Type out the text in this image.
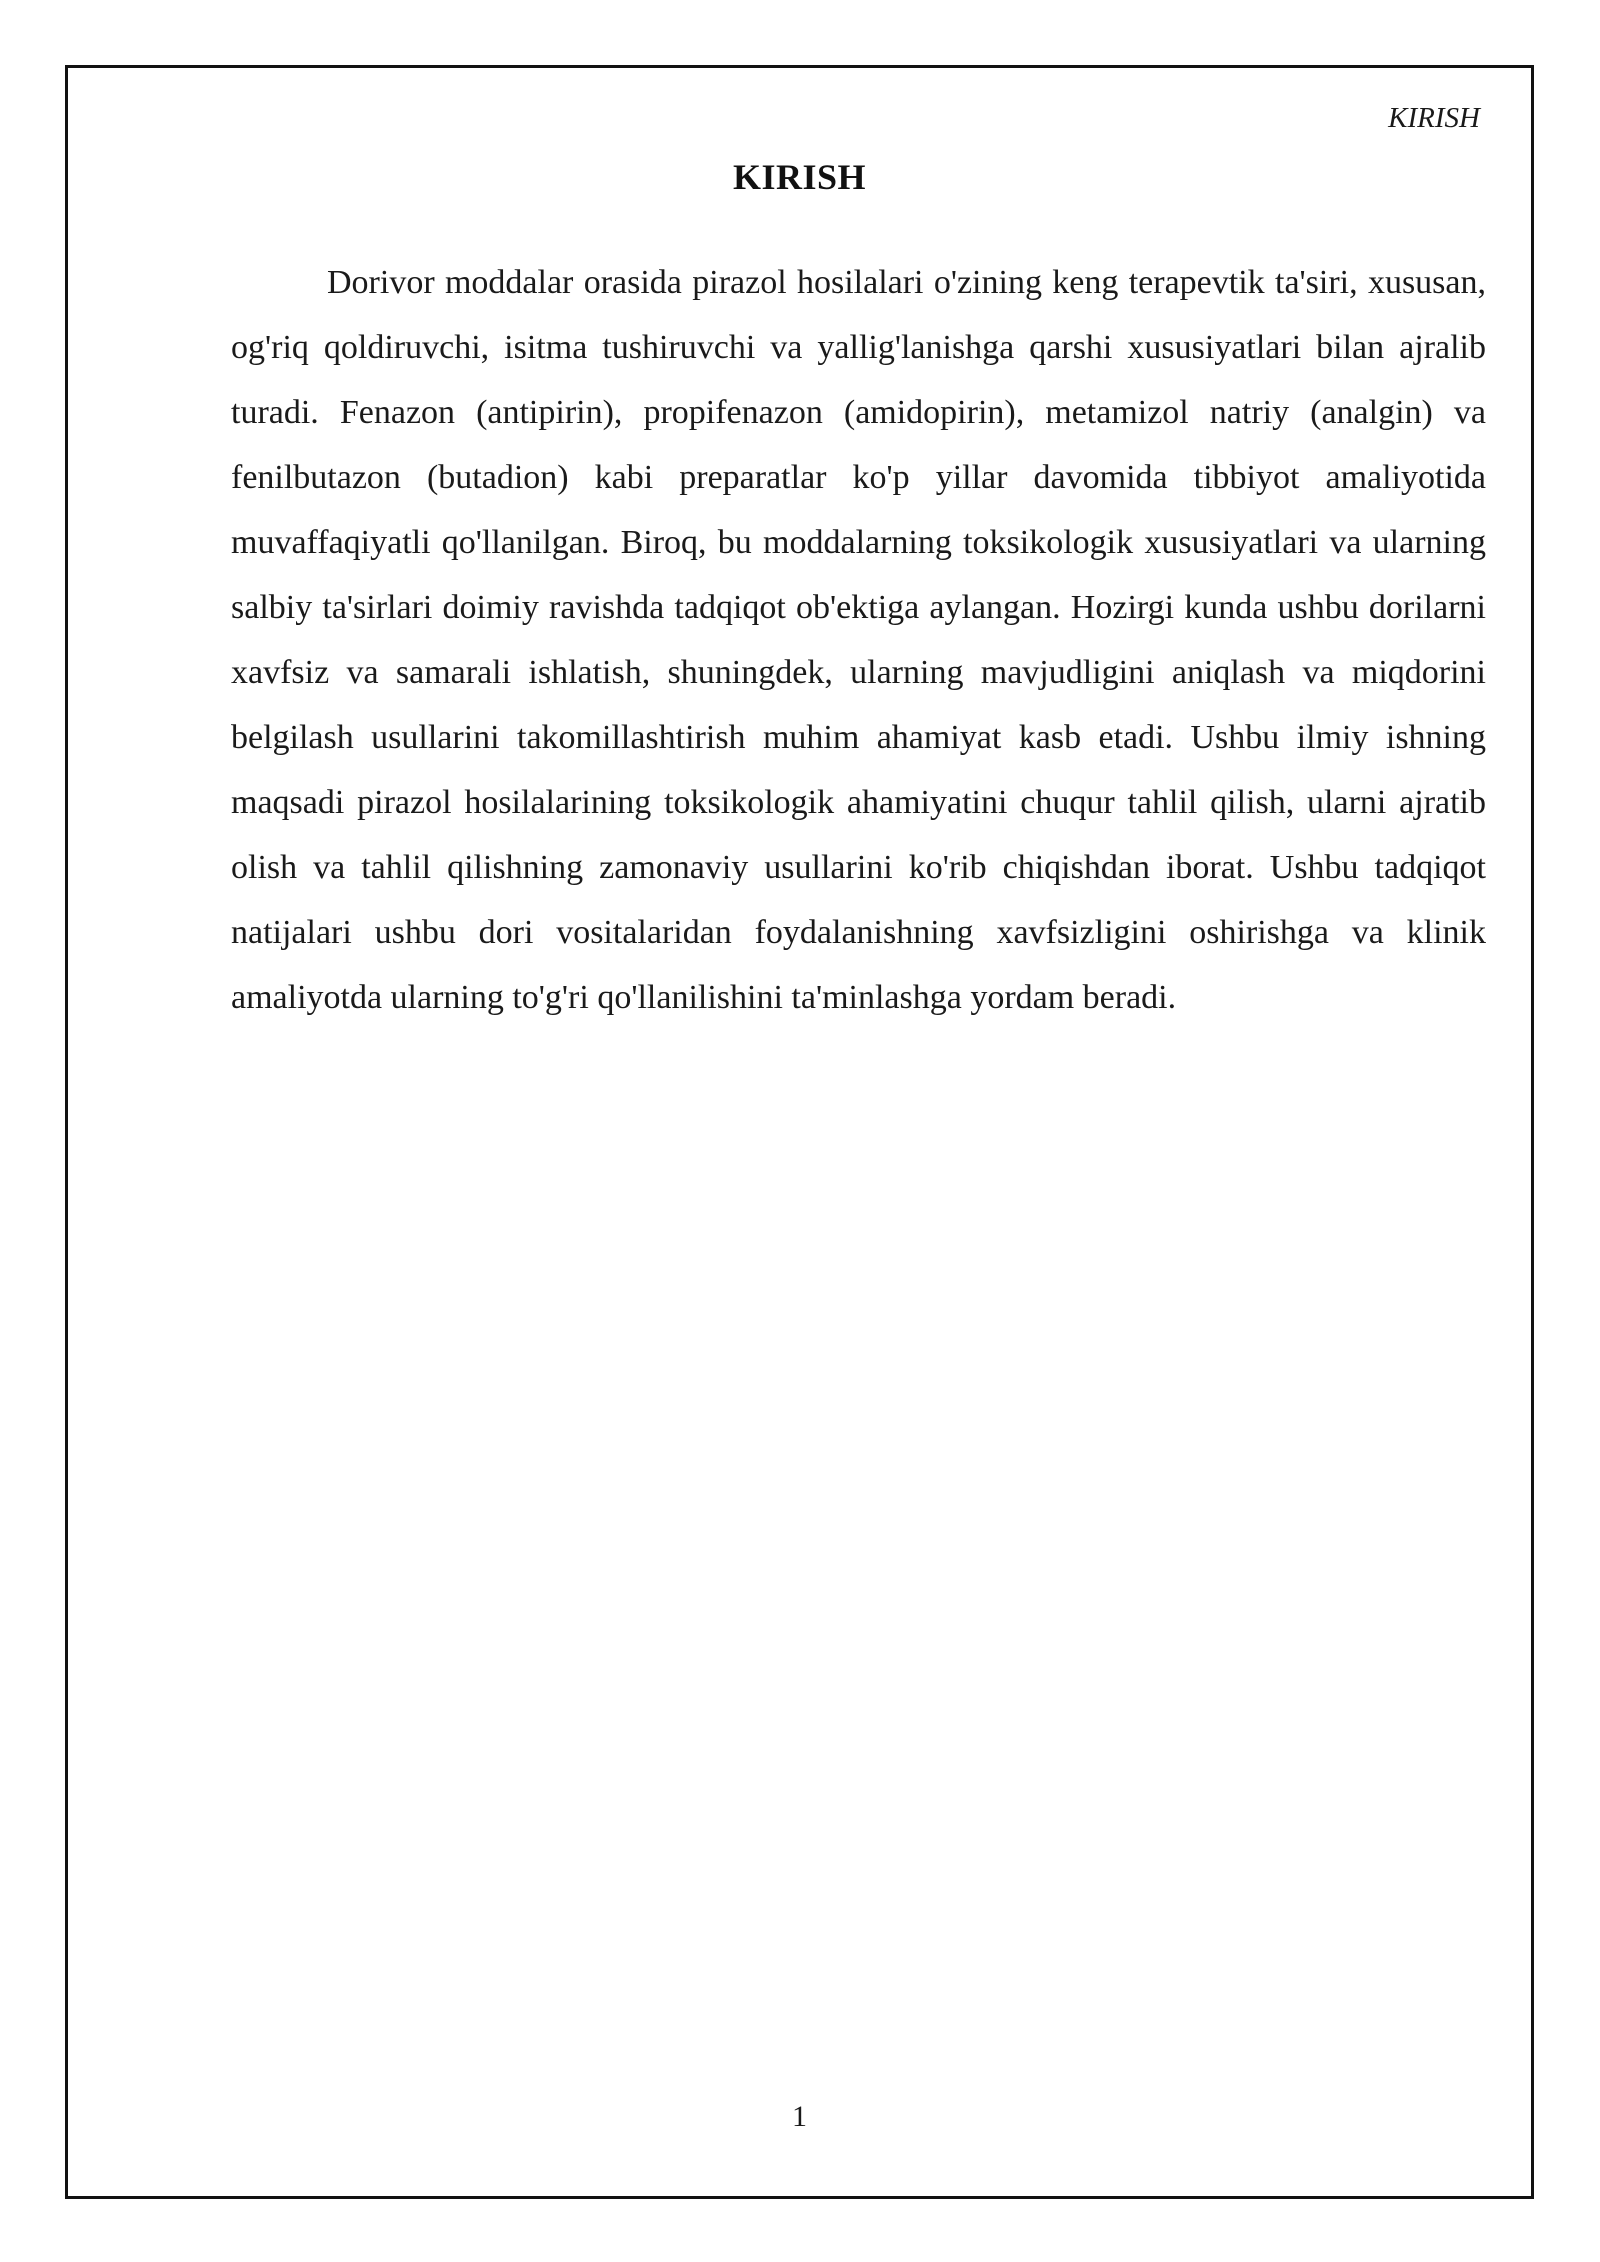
KIRISH
KIRISH

Dorivor moddalar orasida pirazol hosilalari o'zining keng terapevtik ta'siri, xususan, og'riq qoldiruvchi, isitma tushiruvchi va yallig'lanishga qarshi xususiyatlari bilan ajralib turadi. Fenazon (antipirin), propifenazon (amidopirin), metamizol natriy (analgin) va fenilbutazon (butadion) kabi preparatlar ko'p yillar davomida tibbiyot amaliyotida muvaffaqiyatli qo'llanilgan. Biroq, bu moddalarning toksikologik xususiyatlari va ularning salbiy ta'sirlari doimiy ravishda tadqiqot ob'ektiga aylangan. Hozirgi kunda ushbu dorilarni xavfsiz va samarali ishlatish, shuningdek, ularning mavjudligini aniqlash va miqdorini belgilash usullarini takomillashtirish muhim ahamiyat kasb etadi. Ushbu ilmiy ishning maqsadi pirazol hosilalarining toksikologik ahamiyatini chuqur tahlil qilish, ularni ajratib olish va tahlil qilishning zamonaviy usullarini ko'rib chiqishdan iborat. Ushbu tadqiqot natijalari ushbu dori vositalaridan foydalanishning xavfsizligini oshirishga va klinik amaliyotda ularning to'g'ri qo'llanilishini ta'minlashga yordam beradi.

1
